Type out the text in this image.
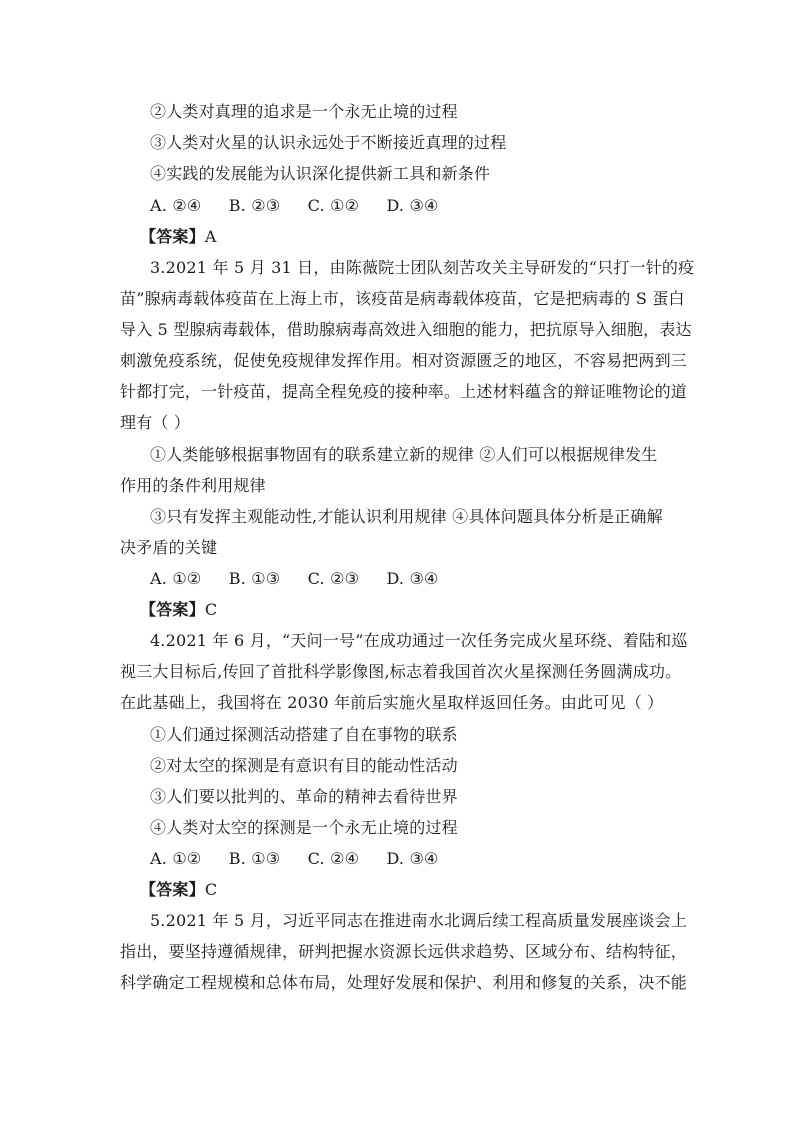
②人类对真理的追求是一个永无止境的过程
③人类对火星的认识永远处于不断接近真理的过程
④实践的发展能为认识深化提供新工具和新条件
A. ②④ B. ②③ C. ①② D. ③④
【答案】A
3.2021 年 5 月 31 日，由陈薇院士团队刻苦攻关主导研发的“只打一针的疫
苗”腺病毒载体疫苗在上海上市，该疫苗是病毒载体疫苗，它是把病毒的 S 蛋白
导入 5 型腺病毒载体，借助腺病毒高效进入细胞的能力，把抗原导入细胞，表达
刺激免疫系统，促使免疫规律发挥作用。相对资源匮乏的地区，不容易把两到三
针都打完，一针疫苗，提高全程免疫的接种率。上述材料蕴含的辩证唯物论的道
理有（ ）
①人类能够根据事物固有的联系建立新的规律 ②人们可以根据规律发生
作用的条件利用规律
③只有发挥主观能动性,才能认识利用规律 ④具体问题具体分析是正确解
决矛盾的关键
A. ①② B. ①③ C. ②③ D. ③④
【答案】C
4.2021 年 6 月，“天问一号”在成功通过一次任务完成火星环绕、着陆和巡
视三大目标后,传回了首批科学影像图,标志着我国首次火星探测任务圆满成功。
在此基础上，我国将在 2030 年前后实施火星取样返回任务。由此可见（ ）
①人们通过探测活动搭建了自在事物的联系
②对太空的探测是有意识有目的能动性活动
③人们要以批判的、革命的精神去看待世界
④人类对太空的探测是一个永无止境的过程
A. ①② B. ①③ C. ②④ D. ③④
【答案】C
5.2021 年 5 月，习近平同志在推进南水北调后续工程高质量发展座谈会上
指出，要坚持遵循规律，研判把握水资源长远供求趋势、区域分布、结构特征，
科学确定工程规模和总体布局，处理好发展和保护、利用和修复的关系，决不能
